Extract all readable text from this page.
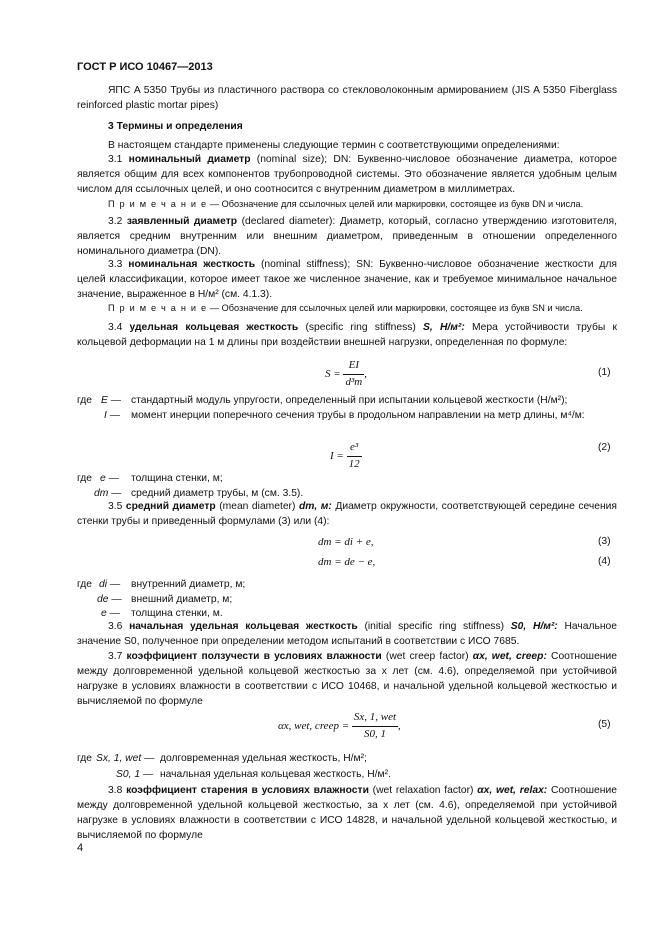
ГОСТ Р ИСО 10467—2013
ЯПС A 5350 Трубы из пластичного раствора со стекловолоконным армированием (JIS A 5350 Fiberglass reinforced plastic mortar pipes)
3 Термины и определения
В настоящем стандарте применены следующие термин с соответствующими определениями:
3.1 номинальный диаметр (nominal size); DN: Буквенно-числовое обозначение диаметра, которое является общим для всех компонентов трубопроводной системы. Это обозначение является удобным целым числом для ссылочных целей, и оно соотносится с внутренним диаметром в миллиметрах.
П р и м е ч а н и е — Обозначение для ссылочных целей или маркировки, состоящее из букв DN и числа.
3.2 заявленный диаметр (declared diameter): Диаметр, который, согласно утверждению изготовителя, является средним внутренним или внешним диаметром, приведенным в отношении определенного номинального диаметра (DN).
3.3 номинальная жесткость (nominal stiffness); SN: Буквенно-числовое обозначение жесткости для целей классификации, которое имеет такое же численное значение, как и требуемое минимальное начальное значение, выраженное в Н/м² (см. 4.1.3).
П р и м е ч а н и е — Обозначение для ссылочных целей или маркировки, состоящее из букв SN и числа.
3.4 удельная кольцевая жесткость (specific ring stiffness) S, Н/м²: Мера устойчивости трубы к кольцевой деформации на 1 м длины при воздействии внешней нагрузки, определенная по формуле:
$S = \frac{EI}{\text{d³m}}$ ,	(1)
где E — стандартный модуль упругости, определенный при испытании кольцевой жесткости (Н/м²);
I — момент инерции поперечного сечения трубы в продольном направлении на метр длины, м⁴/м:
$I = \frac{\text{e³}}{12}$	(2)
где e — толщина стенки, м;
dm — средний диаметр трубы, м (см. 3.5).
3.5 средний диаметр (mean diameter) dm, м: Диаметр окружности, соответствующей середине сечения стенки трубы и приведенный формулами (3) или (4):
dm = di + e,	(3)
dm = de − e,	(4)
где di — внутренний диаметр, м;
de — внешний диаметр, м;
e — толщина стенки, м.
3.6 начальная удельная кольцевая жесткость (initial specific ring stiffness) S0, Н/м²: Начальное значение S0, полученное при определении методом испытаний в соответствии с ИСО 7685.
3.7 коэффициент ползучести в условиях влажности (wet creep factor) αx, wet, creep: Соотношение между долговременной удельной кольцевой жесткостью за x лет (см. 4.6), определяемой при устойчивой нагрузке в условиях влажности в соответствии с ИСО 10468, и начальной удельной кольцевой жесткостью и вычисляемой по формуле
αx, wet, creep =
Sx, 1, wet
S0, 1
,	(5)
где Sx, 1, wet — долговременная удельная жесткость, Н/м²;
S0, 1 — начальная удельная кольцевая жесткость, Н/м².
3.8 коэффициент старения в условиях влажности (wet relaxation factor) αx, wet, relax: Соотношение между долговременной удельной кольцевой жесткостью, за x лет (см. 4.6), определяемой при устойчивой нагрузке в условиях влажности в соответствии с ИСО 14828, и начальной удельной кольцевой жесткостью, и вычисляемой по формуле
4
